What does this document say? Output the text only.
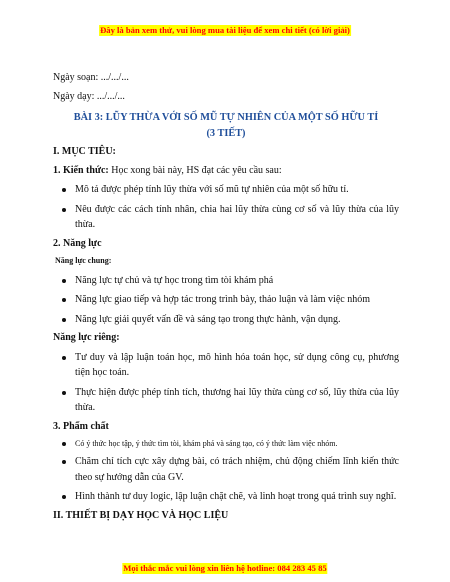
Đây là bản xem thử, vui lòng mua tài liệu để xem chi tiết (có lời giải)

Ngày soạn: .../.../...

Ngày dạy: .../.../...

BÀI 3: LŨY THỪA VỚI SỐ MŨ TỰ NHIÊN CỦA MỘT SỐ HỮU TỈ
(3 TIẾT)
I. MỤC TIÊU:
1. Kiến thức: Học xong bài này, HS đạt các yêu cầu sau:
Mô tả được phép tính lũy thừa với số mũ tự nhiên của một số hữu tỉ.
Nêu được các cách tính nhân, chia hai lũy thừa cùng cơ số và lũy thừa của lũy thừa.
2. Năng lực
Năng lực chung:
Năng lực tự chủ và tự học trong tìm tòi khám phá
Năng lực giao tiếp và hợp tác trong trình bày, thảo luận và làm việc nhóm
Năng lực giải quyết vấn đề và sáng tạo trong thực hành, vận dụng.
Năng lực riêng:
Tư duy và lập luận toán học, mô hình hóa toán học, sử dụng công cụ, phương tiện học toán.
Thực hiện được phép tính tích, thương hai lũy thừa cùng cơ số, lũy thừa của lũy thừa.
3. Phẩm chất
Có ý thức học tập, ý thức tìm tòi, khám phá và sáng tạo, có ý thức làm việc nhóm.
Chăm chỉ tích cực xây dựng bài, có trách nhiệm, chủ động chiếm lĩnh kiến thức theo sự hướng dẫn của GV.
Hình thành tư duy logic, lập luận chặt chẽ, và linh hoạt trong quá trình suy nghĩ.
II. THIẾT BỊ DẠY HỌC VÀ HỌC LIỆU
Mọi thắc mắc vui lòng xin liên hệ hotline: 084 283 45 85
